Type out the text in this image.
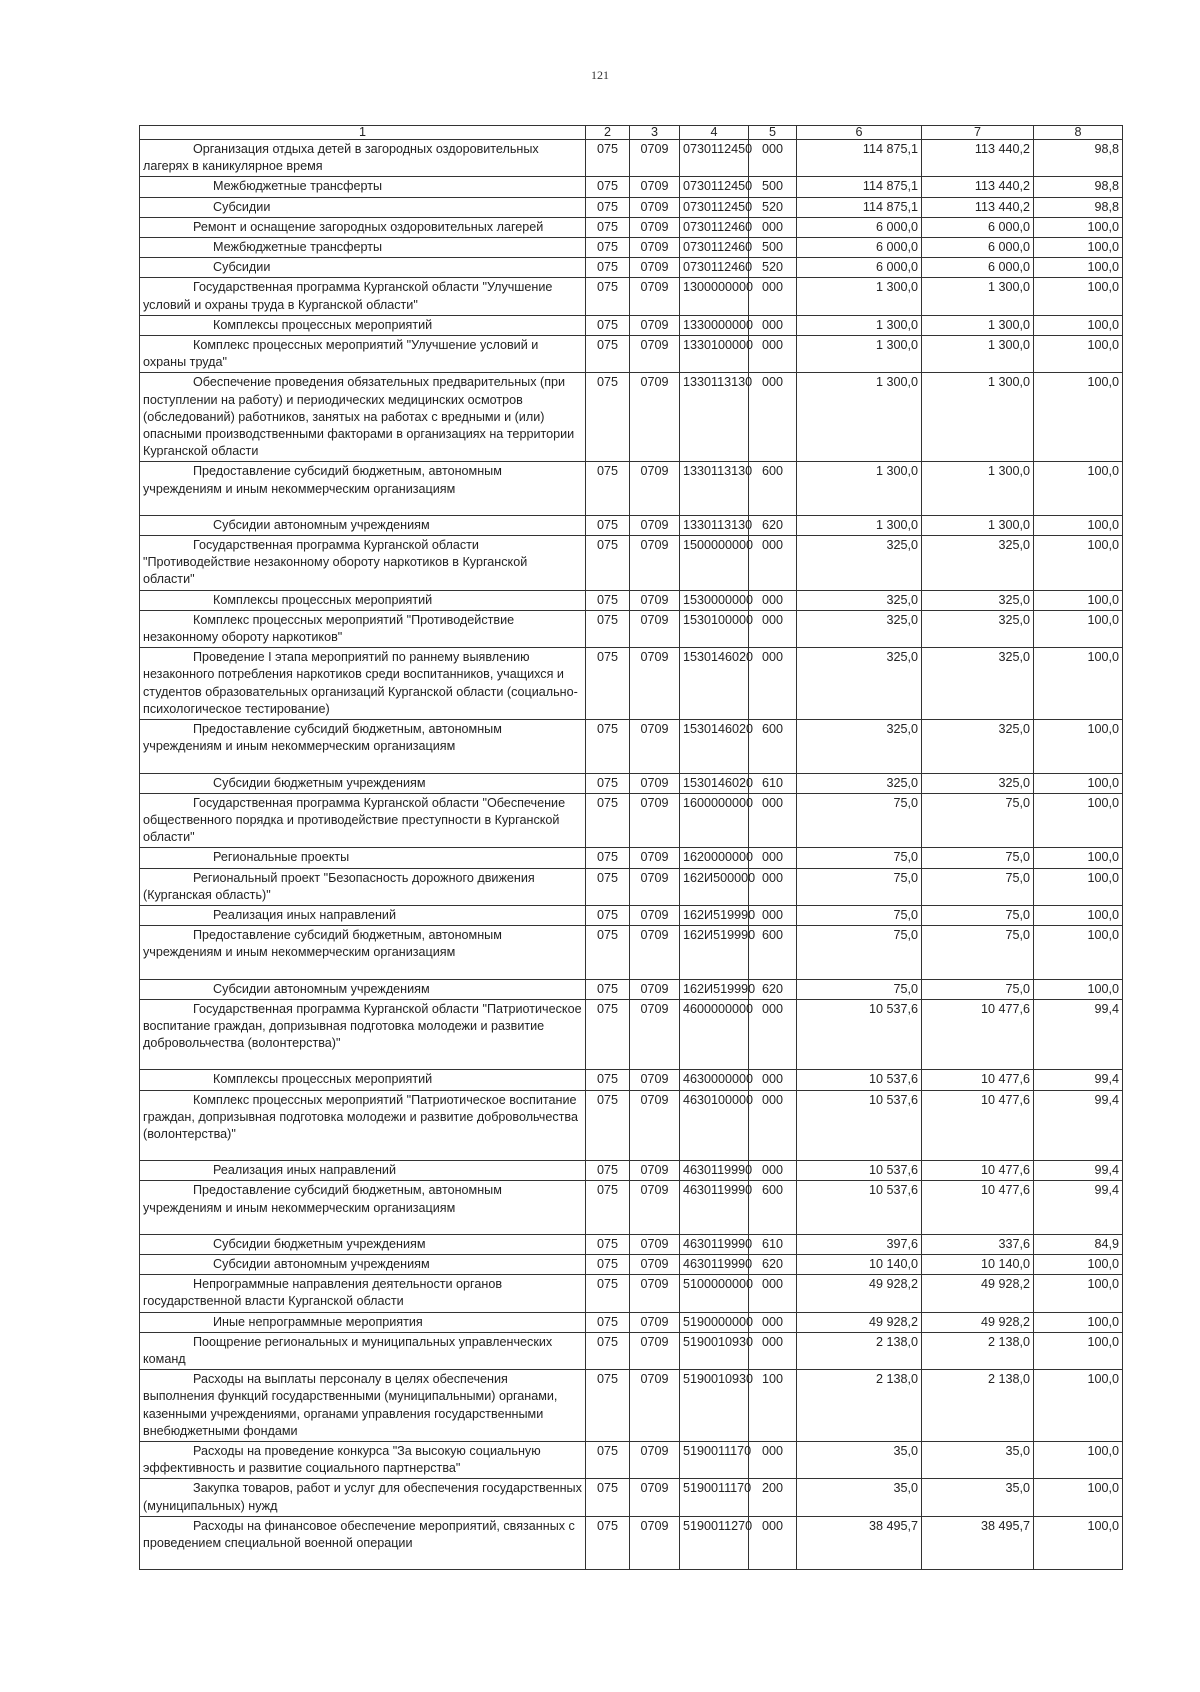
121
1	2	3	4	5	6	7	8

Организация отдыха детей в загородных оздоровительных лагерях в каникулярное время	075	0709	0730112450	000	114 875,1	113 440,2	98,8

Межбюджетные трансферты	075	0709	0730112450	500	114 875,1	113 440,2	98,8

Субсидии	075	0709	0730112450	520	114 875,1	113 440,2	98,8

Ремонт и оснащение загородных оздоровительных лагерей	075	0709	0730112460	000	6 000,0	6 000,0	100,0

Межбюджетные трансферты	075	0709	0730112460	500	6 000,0	6 000,0	100,0

Субсидии	075	0709	0730112460	520	6 000,0	6 000,0	100,0

Государственная программа Курганской области "Улучшение условий и охраны труда в Курганской области"	075	0709	1300000000	000	1 300,0	1 300,0	100,0

Комплексы процессных мероприятий	075	0709	1330000000	000	1 300,0	1 300,0	100,0

Комплекс процессных мероприятий "Улучшение условий и охраны труда"	075	0709	1330100000	000	1 300,0	1 300,0	100,0

Обеспечение проведения обязательных предварительных (при поступлении на работу) и периодических медицинских осмотров (обследований) работников, занятых на работах с вредными и (или) опасными производственными факторами в организациях на территории Курганской области	075	0709	1330113130	000	1 300,0	1 300,0	100,0

Предоставление субсидий бюджетным, автономным учреждениям и иным некоммерческим организациям	075	0709	1330113130	600	1 300,0	1 300,0	100,0

Субсидии автономным учреждениям	075	0709	1330113130	620	1 300,0	1 300,0	100,0

Государственная программа Курганской области "Противодействие незаконному обороту наркотиков в Курганской области"	075	0709	1500000000	000	325,0	325,0	100,0

Комплексы процессных мероприятий	075	0709	1530000000	000	325,0	325,0	100,0

Комплекс процессных мероприятий "Противодействие незаконному обороту наркотиков"	075	0709	1530100000	000	325,0	325,0	100,0

Проведение I этапа мероприятий по раннему выявлению незаконного потребления наркотиков среди воспитанников, учащихся и студентов образовательных организаций Курганской области (социально-психологическое тестирование)	075	0709	1530146020	000	325,0	325,0	100,0

Предоставление субсидий бюджетным, автономным учреждениям и иным некоммерческим организациям	075	0709	1530146020	600	325,0	325,0	100,0

Субсидии бюджетным учреждениям	075	0709	1530146020	610	325,0	325,0	100,0

Государственная программа Курганской области "Обеспечение общественного порядка и противодействие преступности в Курганской области"	075	0709	1600000000	000	75,0	75,0	100,0

Региональные проекты	075	0709	1620000000	000	75,0	75,0	100,0

Региональный проект "Безопасность дорожного движения (Курганская область)"	075	0709	162И500000	000	75,0	75,0	100,0

Реализация иных направлений	075	0709	162И519990	000	75,0	75,0	100,0

Предоставление субсидий бюджетным, автономным учреждениям и иным некоммерческим организациям	075	0709	162И519990	600	75,0	75,0	100,0

Субсидии автономным учреждениям	075	0709	162И519990	620	75,0	75,0	100,0

Государственная программа Курганской области "Патриотическое воспитание граждан, допризывная подготовка молодежи и развитие добровольчества (волонтерства)"	075	0709	4600000000	000	10 537,6	10 477,6	99,4

Комплексы процессных мероприятий	075	0709	4630000000	000	10 537,6	10 477,6	99,4

Комплекс процессных мероприятий "Патриотическое воспитание граждан, допризывная подготовка молодежи и развитие добровольчества (волонтерства)"	075	0709	4630100000	000	10 537,6	10 477,6	99,4

Реализация иных направлений	075	0709	4630119990	000	10 537,6	10 477,6	99,4

Предоставление субсидий бюджетным, автономным учреждениям и иным некоммерческим организациям	075	0709	4630119990	600	10 537,6	10 477,6	99,4

Субсидии бюджетным учреждениям	075	0709	4630119990	610	397,6	337,6	84,9

Субсидии автономным учреждениям	075	0709	4630119990	620	10 140,0	10 140,0	100,0

Непрограммные направления деятельности органов государственной власти Курганской области	075	0709	5100000000	000	49 928,2	49 928,2	100,0

Иные непрограммные мероприятия	075	0709	5190000000	000	49 928,2	49 928,2	100,0

Поощрение региональных и муниципальных управленческих команд	075	0709	5190010930	000	2 138,0	2 138,0	100,0

Расходы на выплаты персоналу в целях обеспечения выполнения функций государственными (муниципальными) органами, казенными учреждениями, органами управления государственными внебюджетными фондами	075	0709	5190010930	100	2 138,0	2 138,0	100,0

Расходы на проведение конкурса "За высокую социальную эффективность и развитие социального партнерства"	075	0709	5190011170	000	35,0	35,0	100,0

Закупка товаров, работ и услуг для обеспечения государственных (муниципальных) нужд	075	0709	5190011170	200	35,0	35,0	100,0

Расходы на финансовое обеспечение мероприятий, связанных с проведением специальной военной операции	075	0709	5190011270	000	38 495,7	38 495,7	100,0
